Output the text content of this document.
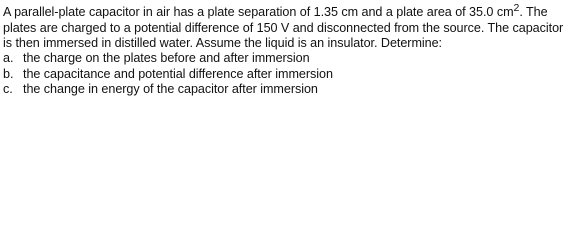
A parallel-plate capacitor in air has a plate separation of 1.35 cm and a plate area of 35.0 $cm^2$. The plates are charged to a potential difference of 150 V and disconnected from the source. The capacitor is then immersed in distilled water. Assume the liquid is an insulator. Determine:

a. the charge on the plates before and after immersion
b. the capacitance and potential difference after immersion
c. the change in energy of the capacitor after immersion
